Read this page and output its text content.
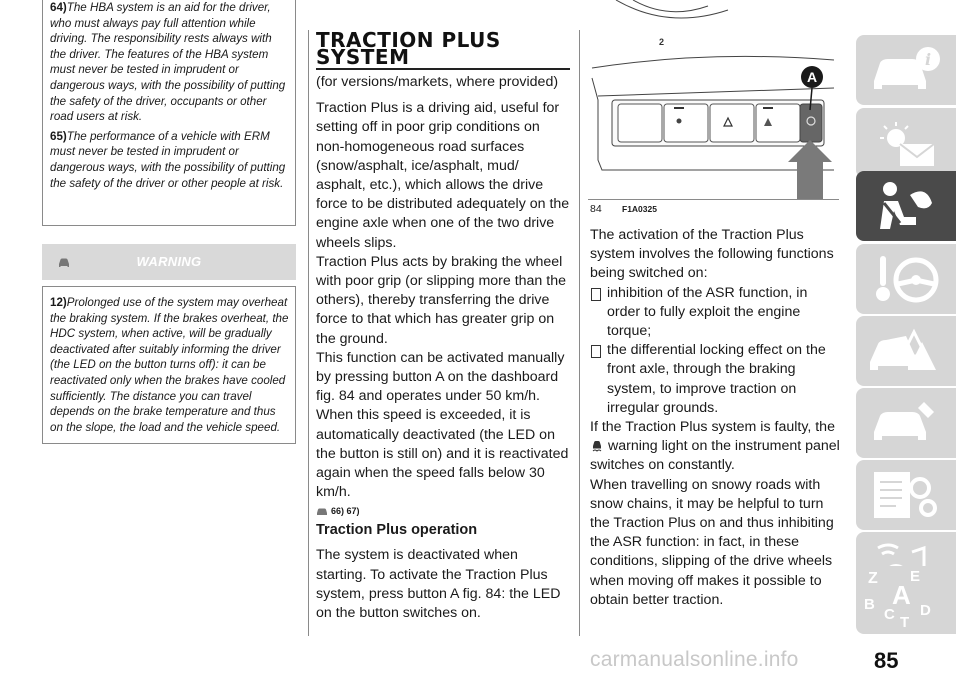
64)The HBA system is an aid for the driver, who must always pay full attention while driving. The responsibility rests always with the driver. The features of the HBA system must never be tested in imprudent or dangerous ways, with the possibility of putting the safety of the driver, occupants or other road users at risk.

65)The performance of a vehicle with ERM must never be tested in imprudent or dangerous ways, with the possibility of putting the safety of the driver or other people at risk.

WARNING

12)Prolonged use of the system may overheat the braking system. If the brakes overheat, the HDC system, when active, will be gradually deactivated after suitably informing the driver (the LED on the button turns off): it can be reactivated only when the brakes have cooled sufficiently. The distance you can travel depends on the brake temperature and thus on the slope, the load and the vehicle speed.

TRACTION PLUS
SYSTEM

(for versions/markets, where provided)

Traction Plus is a driving aid, useful for setting off in poor grip conditions on non-homogeneous road surfaces (snow/asphalt, ice/asphalt, mud/ asphalt, etc.), which allows the drive force to be distributed adequately on the engine axle when one of the two drive wheels slips.

Traction Plus acts by braking the wheel with poor grip (or slipping more than the others), thereby transferring the drive force to that which has greater grip on the ground.

This function can be activated manually by pressing button A on the dashboard fig. 84 and operates under 50 km/h. When this speed is exceeded, it is automatically deactivated (the LED on the button is still on) and it is reactivated again when the speed falls below 30 km/h.

66) 67)
Traction Plus operation

The system is deactivated when starting. To activate the Traction Plus system, press button A fig. 84: the LED on the button switches on.

2
A
84 F1A0325

The activation of the Traction Plus system involves the following functions being switched on:

inhibition of the ASR function, in order to fully exploit the engine torque;

the differential locking effect on the front axle, through the braking system, to improve traction on irregular grounds.

If the Traction Plus system is faulty, the
warning light on the instrument panel switches on constantly.

When travelling on snowy roads with snow chains, it may be helpful to turn the Traction Plus on and thus inhibiting the ASR function: in fact, in these conditions, slipping of the drive wheels when moving off makes it possible to obtain better traction.

i
Z E
A
B
C D
T
carmanualsonline.info	85
